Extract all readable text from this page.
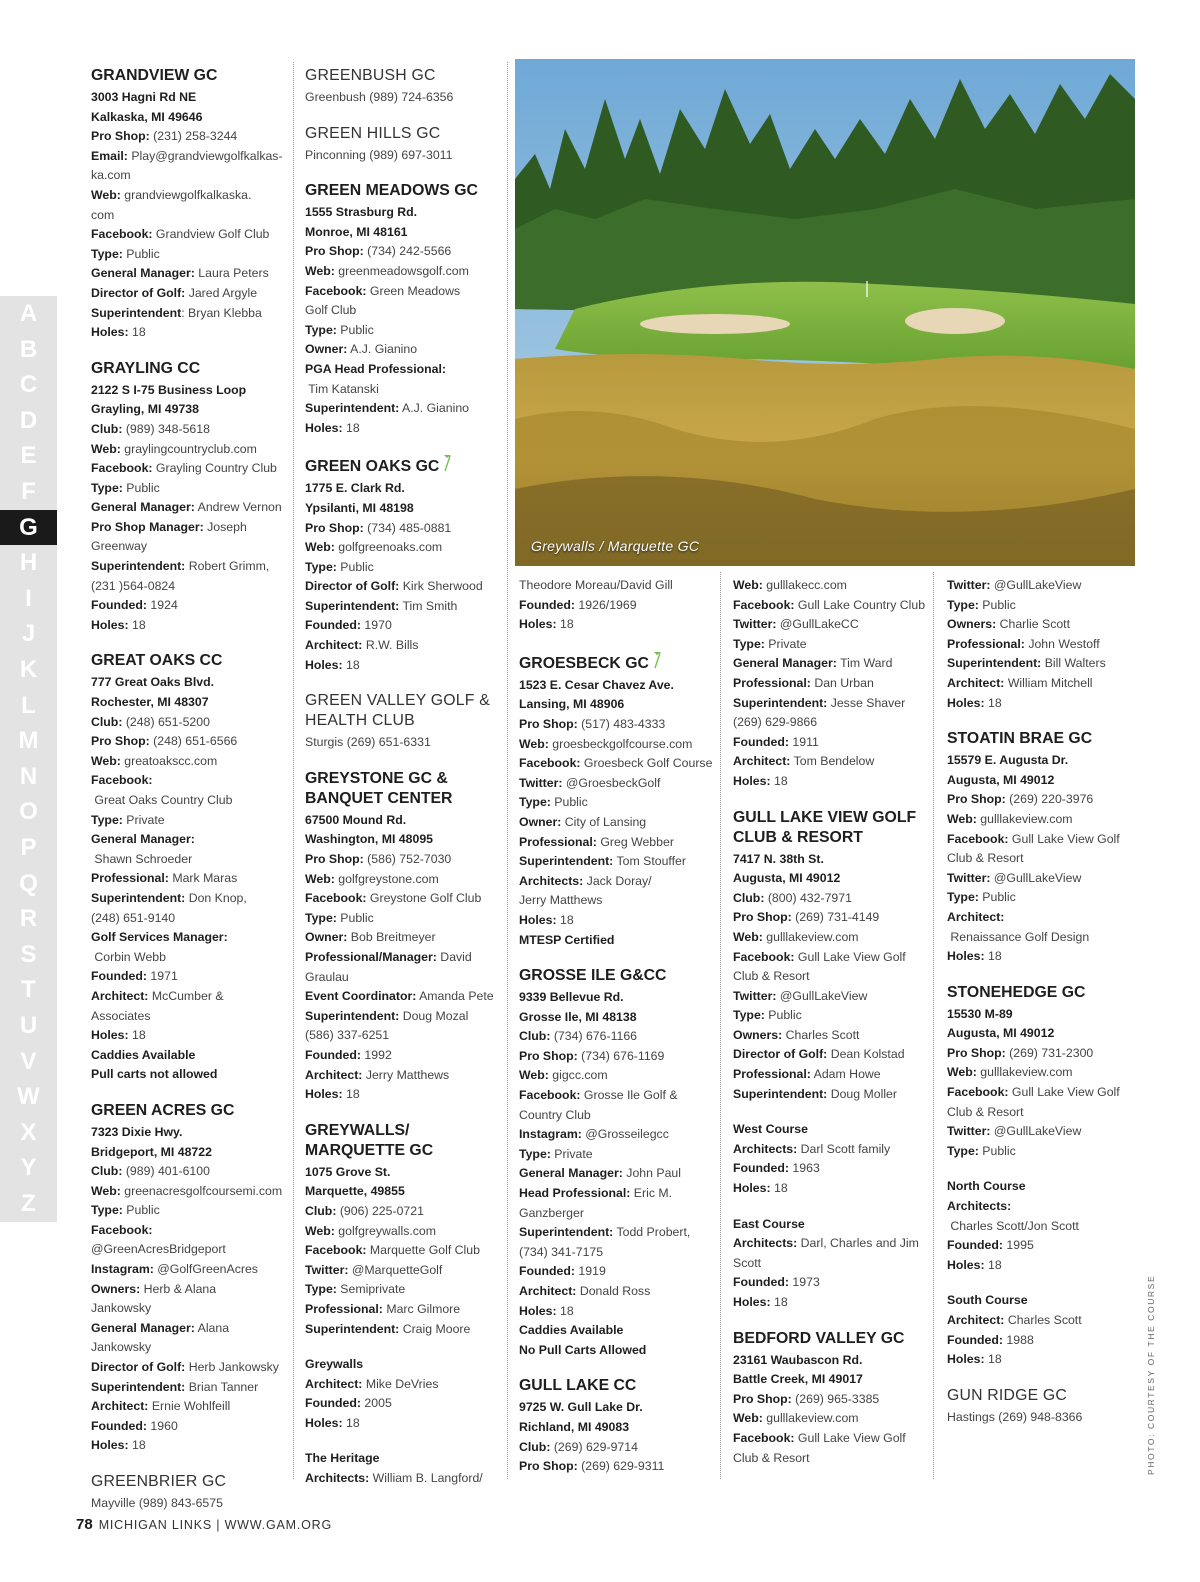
A
B
C
D
E
F
G
H
I
J
K
L
M
N
O
P
Q
R
S
T
U
V
W
X
Y
Z
Greywalls / Marquette GC
GRANDVIEW GC
3003 Hagni Rd NE
Kalkaska, MI 49646
Pro Shop: (231) 258-3244
Email: Play@grandviewgolfkalkas-
ka.com
Web: grandviewgolfkalkaska.
com
Facebook: Grandview Golf Club
Type: Public
General Manager: Laura Peters
Director of Golf: Jared Argyle
Superintendent: Bryan Klebba
Holes: 18
GRAYLING CC
2122 S I-75 Business Loop
Grayling, MI 49738
Club: (989) 348-5618
Web: graylingcountryclub.com
Facebook: Grayling Country Club
Type: Public
General Manager: Andrew Vernon
Pro Shop Manager: Joseph
Greenway
Superintendent: Robert Grimm,
(231 )564-0824
Founded: 1924
Holes: 18
GREAT OAKS CC
777 Great Oaks Blvd.
Rochester, MI 48307
Club: (248) 651-5200
Pro Shop: (248) 651-6566
Web: greatoakscc.com
Facebook: Great Oaks Country Club
Type: Private
General Manager: Shawn Schroeder
Professional: Mark Maras
Superintendent: Don Knop,
(248) 651-9140
Golf Services Manager: Corbin Webb
Founded: 1971
Architect: McCumber &
Associates
Holes: 18
Caddies Available
Pull carts not allowed
GREEN ACRES GC
7323 Dixie Hwy.
Bridgeport, MI 48722
Club: (989) 401-6100
Web: greenacresgolfcoursemi.com
Type: Public
Facebook:
@GreenAcresBridgeport
Instagram: @GolfGreenAcres
Owners: Herb & Alana
Jankowsky
General Manager: Alana
Jankowsky
Director of Golf: Herb Jankowsky
Superintendent: Brian Tanner
Architect: Ernie Wohlfeill
Founded: 1960
Holes: 18
GREENBRIER GC
Mayville (989) 843-6575
GREENBUSH GC
Greenbush (989) 724-6356
GREEN HILLS GC
Pinconning (989) 697-3011
GREEN MEADOWS GC
1555 Strasburg Rd.
Monroe, MI 48161
Pro Shop: (734) 242-5566
Web: greenmeadowsgolf.com
Facebook: Green Meadows
Golf Club
Type: Public
Owner: A.J. Gianino
PGA Head Professional: Tim Katanski
Superintendent: A.J. Gianino
Holes: 18
GREEN OAKS GC
1775 E. Clark Rd.
Ypsilanti, MI 48198
Pro Shop: (734) 485-0881
Web: golfgreenoaks.com
Type: Public
Director of Golf: Kirk Sherwood
Superintendent: Tim Smith
Founded: 1970
Architect: R.W. Bills
Holes: 18
GREEN VALLEY GOLF & HEALTH CLUB
Sturgis (269) 651-6331
GREYSTONE GC & BANQUET CENTER
67500 Mound Rd.
Washington, MI 48095
Pro Shop: (586) 752-7030
Web: golfgreystone.com
Facebook: Greystone Golf Club
Type: Public
Owner: Bob Breitmeyer
Professional/Manager: David
Graulau
Event Coordinator: Amanda Pete
Superintendent: Doug Mozal
(586) 337-6251
Founded: 1992
Architect: Jerry Matthews
Holes: 18
GREYWALLS/ MARQUETTE GC
1075 Grove St.
Marquette, 49855
Club: (906) 225-0721
Web: golfgreywalls.com
Facebook: Marquette Golf Club
Twitter: @MarquetteGolf
Type: Semiprivate
Professional: Marc Gilmore
Superintendent: Craig Moore
Greywalls
Architect: Mike DeVries
Founded: 2005
Holes: 18
The Heritage
Architects: William B. Langford/
Theodore Moreau/David Gill
Founded: 1926/1969
Holes: 18
GROESBECK GC
1523 E. Cesar Chavez Ave.
Lansing, MI 48906
Pro Shop: (517) 483-4333
Web: groesbeckgolfcourse.com
Facebook: Groesbeck Golf Course
Twitter: @GroesbeckGolf
Type: Public
Owner: City of Lansing
Professional: Greg Webber
Superintendent: Tom Stouffer
Architects: Jack Doray/
Jerry Matthews
Holes: 18
MTESP Certified
GROSSE ILE G&CC
9339 Bellevue Rd.
Grosse Ile, MI 48138
Club: (734) 676-1166
Pro Shop: (734) 676-1169
Web: gigcc.com
Facebook: Grosse Ile Golf &
Country Club
Instagram: @Grosseilegcc
Type: Private
General Manager: John Paul
Head Professional: Eric M.
Ganzberger
Superintendent: Todd Probert,
(734) 341-7175
Founded: 1919
Architect: Donald Ross
Holes: 18
Caddies Available
No Pull Carts Allowed
GULL LAKE CC
9725 W. Gull Lake Dr.
Richland, MI 49083
Club: (269) 629-9714
Pro Shop: (269) 629-9311
Web: gulllakecc.com
Facebook: Gull Lake Country Club
Twitter: @GullLakeCC
Type: Private
General Manager: Tim Ward
Professional: Dan Urban
Superintendent: Jesse Shaver
(269) 629-9866
Founded: 1911
Architect: Tom Bendelow
Holes: 18
GULL LAKE VIEW GOLF CLUB & RESORT
7417 N. 38th St.
Augusta, MI 49012
Club: (800) 432-7971
Pro Shop: (269) 731-4149
Web: gulllakeview.com
Facebook: Gull Lake View Golf
Club & Resort
Twitter: @GullLakeView
Type: Public
Owners: Charles Scott
Director of Golf: Dean Kolstad
Professional: Adam Howe
Superintendent: Doug Moller
West Course
Architects: Darl Scott family
Founded: 1963
Holes: 18
East Course
Architects: Darl, Charles and Jim
Scott
Founded: 1973
Holes: 18
BEDFORD VALLEY GC
23161 Waubascon Rd.
Battle Creek, MI 49017
Pro Shop: (269) 965-3385
Web: gulllakeview.com
Facebook: Gull Lake View Golf
Club & Resort
Twitter: @GullLakeView
Type: Public
Owners: Charlie Scott
Professional: John Westoff
Superintendent: Bill Walters
Architect: William Mitchell
Holes: 18
STOATIN BRAE GC
15579 E. Augusta Dr.
Augusta, MI 49012
Pro Shop: (269) 220-3976
Web: gulllakeview.com
Facebook: Gull Lake View Golf
Club & Resort
Twitter: @GullLakeView
Type: Public
Architect: Renaissance Golf Design
Holes: 18
STONEHEDGE GC
15530 M-89
Augusta, MI 49012
Pro Shop: (269) 731-2300
Web: gulllakeview.com
Facebook: Gull Lake View Golf
Club & Resort
Twitter: @GullLakeView
Type: Public
North Course
Architects: Charles Scott/Jon Scott
Founded: 1995
Holes: 18
South Course
Architect: Charles Scott
Founded: 1988
Holes: 18
GUN RIDGE GC
Hastings (269) 948-8366
78 MICHIGAN LINKS | WWW.GAM.ORG
PHOTO: COURTESY OF THE COURSE
